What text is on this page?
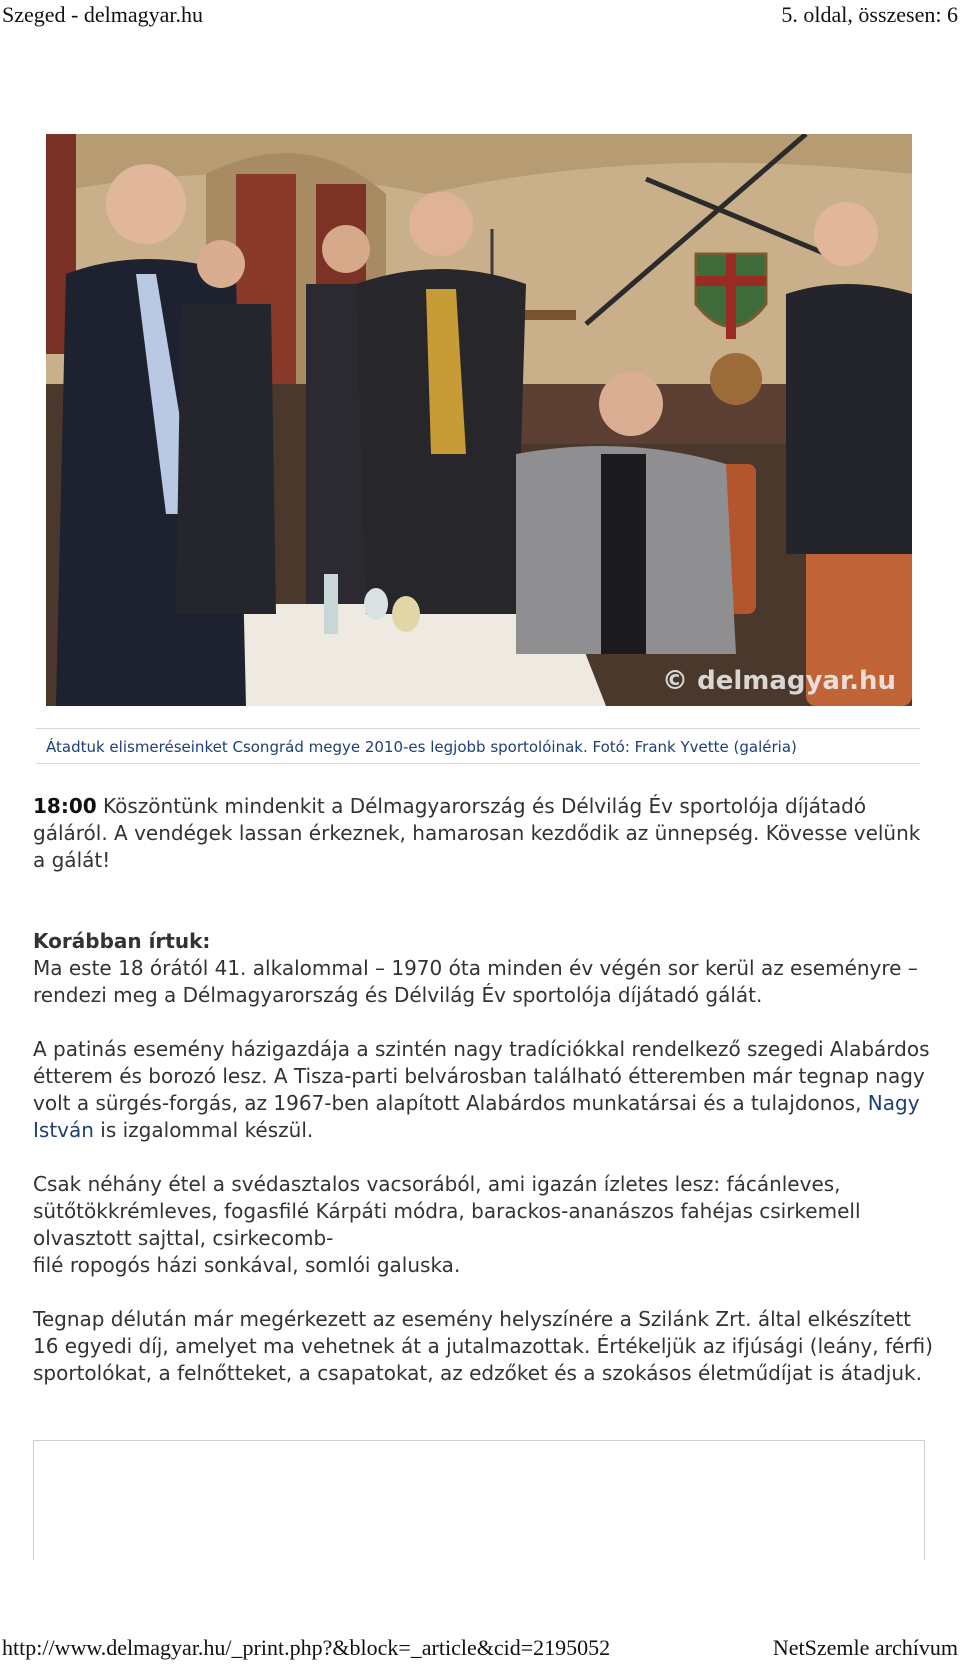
Szeged - delmagyar.hu	5. oldal, összesen: 6
© delmagyar.hu
Átadtuk elismeréseinket Csongrád megye 2010-es legjobb sportolóinak. Fotó: Frank Yvette (galéria)

18:00 Köszöntünk mindenkit a Délmagyarország és Délvilág Év sportolója díjátadó gáláról. A vendégek lassan érkeznek, hamarosan kezdődik az ünnepség. Kövesse velünk a gálát!

Korábban írtuk:
Ma este 18 órától 41. alkalommal – 1970 óta minden év végén sor kerül az eseményre – rendezi meg a Délmagyarország és Délvilág Év sportolója díjátadó gálát.

A patinás esemény házigazdája a szintén nagy tradíciókkal rendelkező szegedi Alabárdos étterem és borozó lesz. A Tisza-parti belvárosban található étteremben már tegnap nagy volt a sürgés-forgás, az 1967-ben alapított Alabárdos munkatársai és a tulajdonos, Nagy István is izgalommal készül.

Csak néhány étel a svédasztalos vacsorából, ami igazán ízletes lesz: fácánleves, sütőtökkrémleves, fogasfilé Kárpáti módra, barackos-ananászos fahéjas csirkemell olvasztott sajttal, csirkecomb-
filé ropogós házi sonkával, somlói galuska.

Tegnap délután már megérkezett az esemény helyszínére a Szilánk Zrt. által elkészített 16 egyedi díj, amelyet ma vehetnek át a jutalmazottak. Értékeljük az ifjúsági (leány, férfi) sportolókat, a felnőtteket, a csapatokat, az edzőket és a szokásos életműdíjat is átadjuk.

http://www.delmagyar.hu/_print.php?&block=_article&cid=2195052	NetSzemle archívum
